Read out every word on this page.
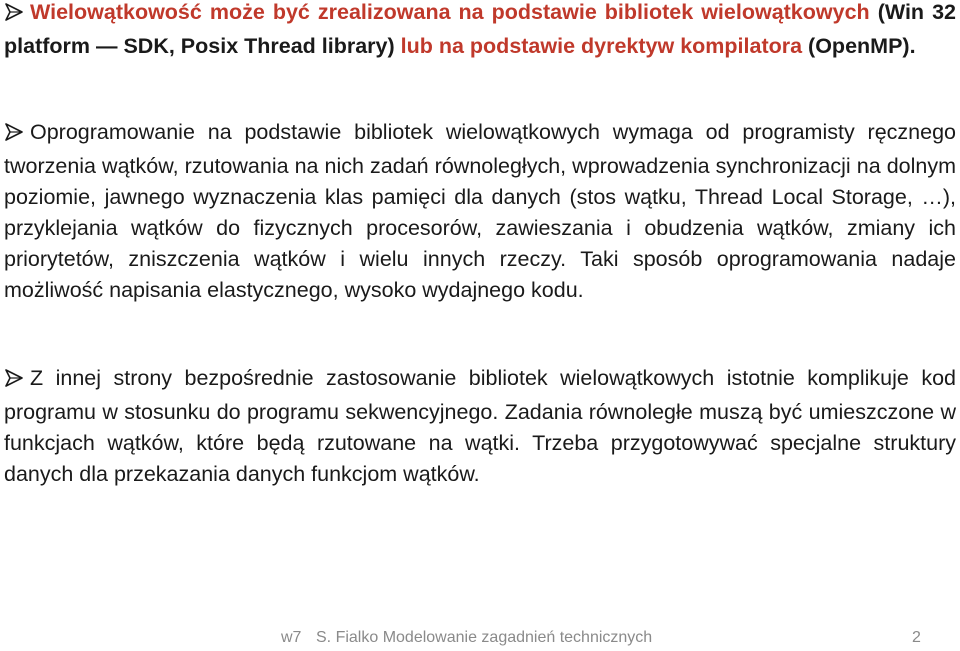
Wielowątkowość może być zrealizowana na podstawie bibliotek wielowątkowych (Win 32 platform — SDK, Posix Thread library) lub na podstawie dyrektyw kompilatora (OpenMP).
Oprogramowanie na podstawie bibliotek wielowątkowych wymaga od programisty ręcznego tworzenia wątków, rzutowania na nich zadań równoległych, wprowadzenia synchronizacji na dolnym poziomie, jawnego wyznaczenia klas pamięci dla danych (stos wątku, Thread Local Storage, …), przyklejania wątków do fizycznych procesorów, zawieszania i obudzenia wątków, zmiany ich priorytetów, zniszczenia wątków i wielu innych rzeczy. Taki sposób oprogramowania nadaje możliwość napisania elastycznego, wysoko wydajnego kodu.
Z innej strony bezpośrednie zastosowanie bibliotek wielowątkowych istotnie komplikuje kod programu w stosunku do programu sekwencyjnego. Zadania równoległe muszą być umieszczone w funkcjach wątków, które będą rzutowane na wątki. Trzeba przygotowywać specjalne struktury danych dla przekazania danych funkcjom wątków.
w7 S. Fialko Modelowanie zagadnień technicznych	2
